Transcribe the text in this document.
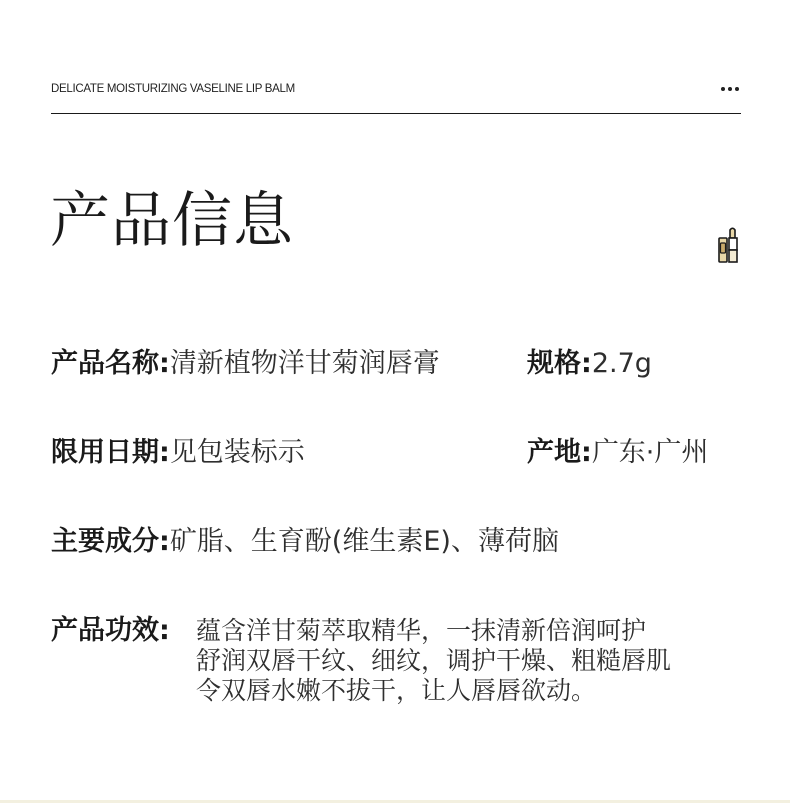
DELICATE MOISTURIZING VASELINE LIP BALM
产品信息
产品名称:清新植物洋甘菊润唇膏	规格:2.7g
限用日期:见包装标示	产地:广东·广州
主要成分:矿脂、生育酚(维生素E)、薄荷脑
产品功效: 蕴含洋甘菊萃取精华，一抹清新倍润呵护
舒润双唇干纹、细纹，调护干燥、粗糙唇肌
令双唇水嫩不拔干，让人唇唇欲动。
